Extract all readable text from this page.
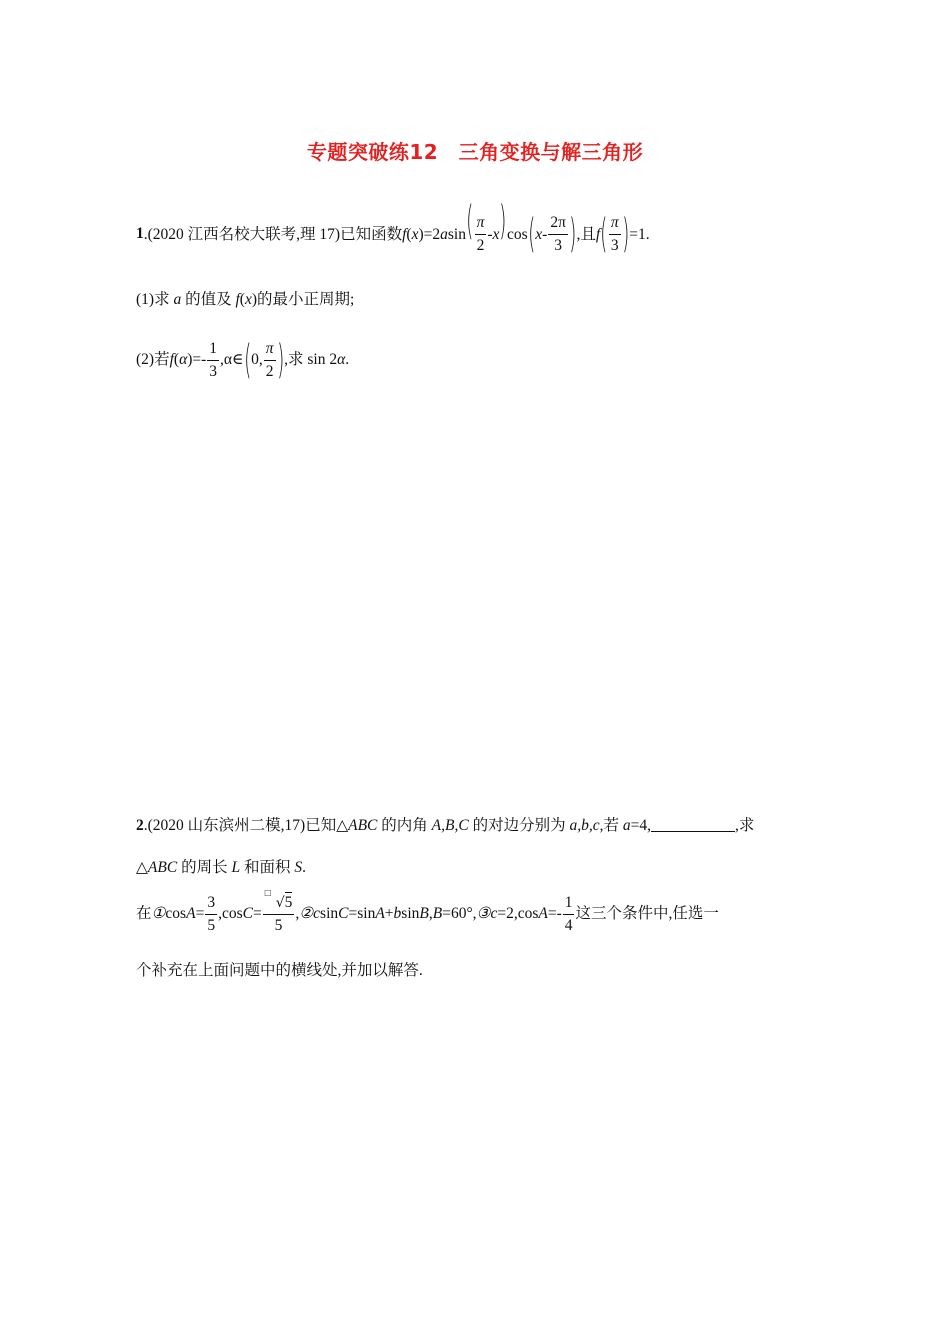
专题突破练12　三角变换与解三角形
1.(2020 江西名校大联考,理 17)已知函数$f(x)=2asin( \frac{\pi}{2} -x)\cos(x- \frac{2\pi}{3}$ ),且$f( \frac{\pi}{3} )=1$.
(1)求 a 的值及 f(x)的最小正周期;
(2)若$f(\alpha)=- \frac{1}{3}$ ,α∈(0, $\frac{\pi}{2}$ ),求 sin 2α.
2.(2020 山东滨州二模,17)已知△ABC 的内角 A,B,C 的对边分别为 a,b,c,若 a=4,	,求
△ABC 的周长 L 和面积 S.
在①cosA= $\frac{3}{5} ,\cos C=$ □
√5
5 ,②csinC=sinA+bsinB,B=60°,③c=2,cosA=- $\frac{1}{4}$ 这三个条件中,任选一
个补充在上面问题中的横线处,并加以解答.
